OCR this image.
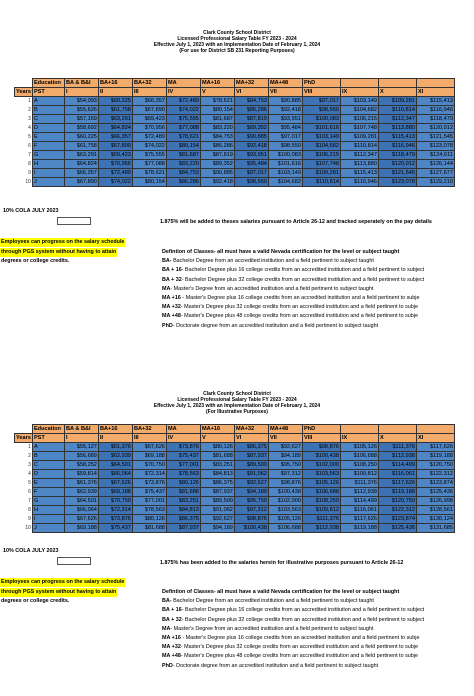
Clark County School District
Licensed Professional Salary Table FY 2023 - 2024
Effective July 1, 2023 with an Implementation Date of February 1, 2024
(For use for District SB 231 Reporting Purposes)
	Education	BA & B&I	BA+16	BA+32	MA	MA+16	MA+32	MA+48	PhD			
Years	PST	I	II	III	IV	V	VI	VII	VIII	IX	X	XI
1	A	$54,093	$60,225	$66,357	$72,489	$78,621	$84,753	$90,885	$97,017	$103,149	$109,281	$115,413
2	B	$55,626	$61,758	$67,890	$74,022	$80,154	$86,286	$92,418	$98,550	$104,682	$110,814	$116,946
3	C	$57,159	$63,291	$69,423	$75,555	$81,687	$87,819	$93,951	$100,083	$106,215	$112,347	$118,479
4	D	$58,692	$64,824	$70,956	$77,088	$83,220	$89,352	$95,484	$101,616	$107,748	$113,880	$120,012
5	E	$60,225	$66,357	$72,489	$78,621	$84,753	$90,885	$97,017	$103,149	$109,281	$115,413	$121,545
6	F	$61,758	$67,890	$74,022	$80,154	$86,286	$92,418	$98,550	$104,682	$110,814	$116,946	$123,078
7	G	$63,291	$69,423	$75,555	$81,687	$87,819	$93,951	$100,083	$106,215	$112,347	$118,479	$124,611
8	H	$64,824	$70,956	$77,088	$83,220	$89,352	$95,484	$101,616	$107,748	$113,880	$120,012	$126,144
9	I	$66,357	$72,489	$78,621	$84,753	$90,885	$97,017	$103,149	$109,281	$115,413	$121,545	$127,677
10	J	$67,890	$74,022	$80,154	$86,286	$92,418	$98,550	$104,682	$110,814	$116,946	$123,078	$129,210
10% COLA JULY 2023
1.875% will be added to theses salaries pursuant to Article 26-12 and tracked seperately on the pay details
Employees can progress on the salary schedule
through PGS system without having to attain
degrees or college credits.
Defintion of Classes- all must have a valid Nevada certification for the level or subject taught
BA- Bachelor Degree from an accredited institution and a field pertinent to subject taught
BA + 16- Bachelor Degree plus 16 college credits from an accredited institution and a field pertinent to subject
BA + 32- Bachelor Degree plus 32 college credits from an accredited institution and a field pertinent to subject
MA- Master's Degree from an accredited institution and a field pertinent to subject taught
MA +16 - Master's Degree plus 16 college credits from an accredited institution and a field pertinent to subje
MA +32- Master's Degree plus 32 college credits from an accredited institution and a field pertinent to subje
MA +48- Master's Degree plus 48 college credits from an accredited institution and a field pertinent to subje
PhD- Doctorate degree from an accredited institution and a field pertinent to subject taught
Clark County School District
Licensed Professional Salary Table FY 2023 - 2024
Effective July 1, 2023 with an Implementation Date of February 1, 2024
(For Illustrative Purposes)
	Education	BA & B&I	BA+16	BA+32	MA	MA+16	MA+32	MA+48	PhD			
Years	PST	I	II	III	IV	V	VI	VII	VIII	IX	X	XI
1	A	$55,127	$61,376	$67,626	$73,876	$80,126	$86,375	$92,627	$98,876	$105,126	$111,376	$117,626
2	B	$56,689	$62,939	$69,188	$75,437	$81,688	$87,937	$94,189	$100,438	$106,688	$112,938	$119,188
3	C	$58,252	$64,501	$70,750	$77,001	$83,251	$89,500	$95,750	$102,000	$108,250	$114,499	$120,750
4	D	$59,814	$66,064	$72,314	$78,563	$84,813	$91,062	$97,312	$103,563	$109,812	$116,061	$122,312
5	E	$61,376	$67,626	$73,876	$80,126	$86,375	$92,627	$98,876	$105,126	$111,376	$117,626	$123,874
6	F	$62,939	$69,188	$75,437	$81,688	$87,937	$94,189	$100,438	$106,688	$112,938	$119,188	$125,436
7	G	$64,501	$70,750	$77,001	$83,251	$89,500	$95,750	$102,000	$108,250	$114,499	$120,750	$126,998
8	H	$66,064	$72,314	$78,563	$84,813	$91,062	$97,312	$103,563	$109,812	$116,061	$122,312	$128,561
9	I	$67,626	$73,876	$80,126	$86,375	$92,627	$98,876	$105,126	$111,376	$117,626	$123,874	$130,124
10	J	$69,188	$75,437	$81,688	$87,937	$94,189	$100,438	$106,688	$112,938	$119,188	$125,436	$131,685
10% COLA JULY 2023
1.875% has been added to the salaries herein for illustrative purposes pursuant to Article 26-12
Employees can progress on the salary schedule
through PGS system without having to attain
degrees or college credits.
Defintion of Classes- all must have a valid Nevada certification for the level or subject taught
BA- Bachelor Degree from an accredited institution and a field pertinent to subject taught
BA + 16- Bachelor Degree plus 16 college credits from an accredited institution and a field pertinent to subject
BA + 32- Bachelor Degree plus 32 college credits from an accredited institution and a field pertinent to subject
MA- Master's Degree from an accredited institution and a field pertinent to subject taught
MA +16 - Master's Degree plus 16 college credits from an accredited institution and a field pertinent to subje
MA +32- Master's Degree plus 32 college credits from an accredited institution and a field pertinent to subje
MA +48- Master's Degree plus 48 college credits from an accredited institution and a field pertinent to subje
PhD- Doctorate degree from an accredited institution and a field pertinent to subject taught
